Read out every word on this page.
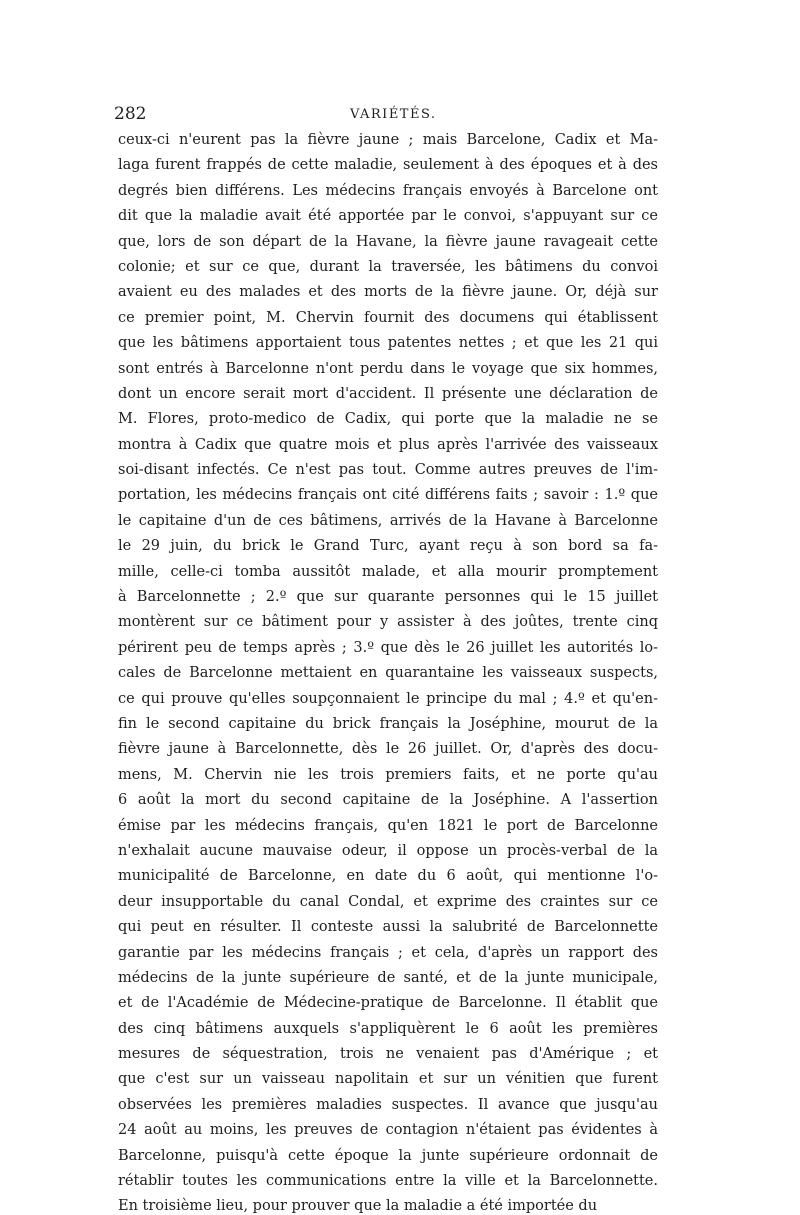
282	VARIÉTÉS.
ceux-ci n'eurent pas la fièvre jaune ; mais Barcelone, Cadix et Ma-
laga furent frappés de cette maladie, seulement à des époques et à des
degrés bien différens. Les médecins français envoyés à Barcelone ont
dit que la maladie avait été apportée par le convoi, s'appuyant sur ce
que, lors de son départ de la Havane, la fièvre jaune ravageait cette
colonie; et sur ce que, durant la traversée, les bâtimens du convoi
avaient eu des malades et des morts de la fièvre jaune. Or, déjà sur
ce premier point, M. Chervin fournit des documens qui établissent
que les bâtimens apportaient tous patentes nettes ; et que les 21 qui
sont entrés à Barcelonne n'ont perdu dans le voyage que six hommes,
dont un encore serait mort d'accident. Il présente une déclaration de
M. Flores, proto-medico de Cadix, qui porte que la maladie ne se
montra à Cadix que quatre mois et plus après l'arrivée des vaisseaux
soi-disant infectés. Ce n'est pas tout. Comme autres preuves de l'im-
portation, les médecins français ont cité différens faits ; savoir : 1.º que
le capitaine d'un de ces bâtimens, arrivés de la Havane à Barcelonne
le 29 juin, du brick le Grand Turc, ayant reçu à son bord sa fa-
mille, celle-ci tomba aussitôt malade, et alla mourir promptement
à Barcelonnette ; 2.º que sur quarante personnes qui le 15 juillet
montèrent sur ce bâtiment pour y assister à des joûtes, trente cinq
périrent peu de temps après ; 3.º que dès le 26 juillet les autorités lo-
cales de Barcelonne mettaient en quarantaine les vaisseaux suspects,
ce qui prouve qu'elles soupçonnaient le principe du mal ; 4.º et qu'en-
fin le second capitaine du brick français la Joséphine, mourut de la
fièvre jaune à Barcelonnette, dès le 26 juillet. Or, d'après des docu-
mens, M. Chervin nie les trois premiers faits, et ne porte qu'au
6 août la mort du second capitaine de la Joséphine. A l'assertion
émise par les médecins français, qu'en 1821 le port de Barcelonne
n'exhalait aucune mauvaise odeur, il oppose un procès-verbal de la
municipalité de Barcelonne, en date du 6 août, qui mentionne l'o-
deur insupportable du canal Condal, et exprime des craintes sur ce
qui peut en résulter. Il conteste aussi la salubrité de Barcelonnette
garantie par les médecins français ; et cela, d'après un rapport des
médecins de la junte supérieure de santé, et de la junte municipale,
et de l'Académie de Médecine-pratique de Barcelonne. Il établit que
des cinq bâtimens auxquels s'appliquèrent le 6 août les premières
mesures de séquestration, trois ne venaient pas d'Amérique ; et
que c'est sur un vaisseau napolitain et sur un vénitien que furent
observées les premières maladies suspectes. Il avance que jusqu'au
24 août au moins, les preuves de contagion n'étaient pas évidentes à
Barcelonne, puisqu'à cette époque la junte supérieure ordonnait de
rétablir toutes les communications entre la ville et la Barcelonnette.
En troisième lieu, pour prouver que la maladie a été importée du
